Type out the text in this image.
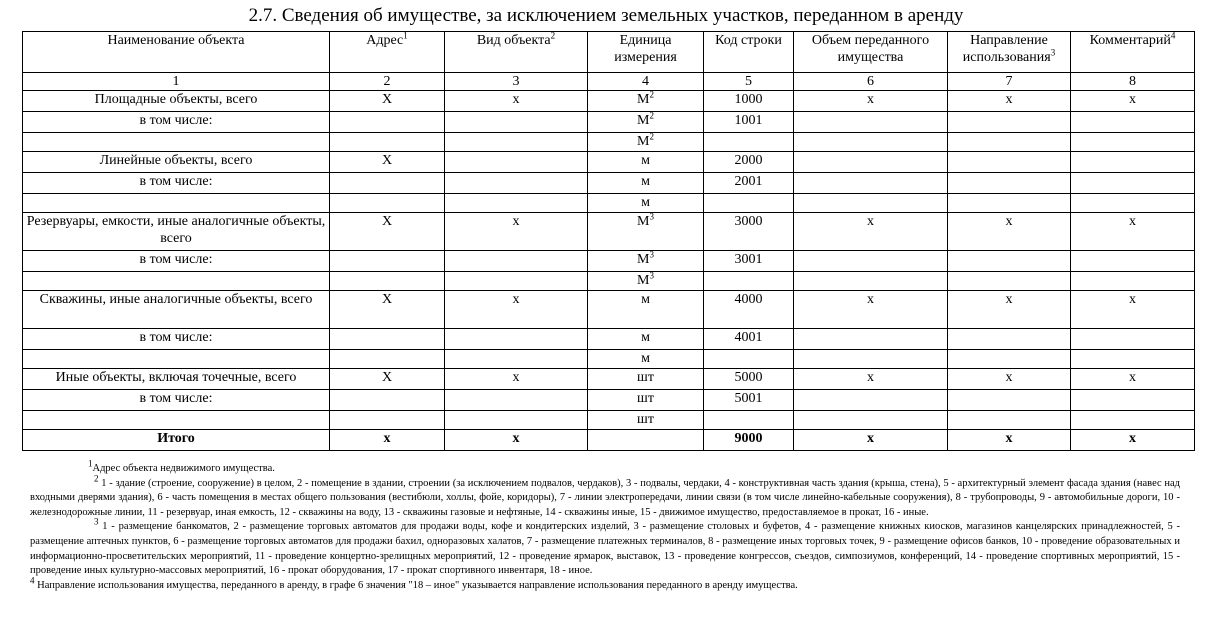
2.7. Сведения об имуществе, за исключением земельных участков, переданном в аренду
Наименование объекта	Адрес$^1$	Вид объекта$^2$	Единица измерения	Код строки	Объем переданного имущества	Направление использования$^3$	Комментарий$^4$
1	2	3	4	5	6	7	8
Площадные объекты, всего	X	x	$М^2$	1000	x	x	x
в том числе:			$М^2$	1001			
			$М^2$				
Линейные объекты, всего	X		м	2000			
в том числе:			м	2001			
			м				
Резервуары, емкости, иные аналогичные объекты, всего	X	x	$М^3$	3000	x	x	x
в том числе:			$М^3$	3001			
			$М^3$				
Скважины, иные аналогичные объекты, всего	X	x	м	4000	x	x	x
в том числе:			м	4001			
			м				
Иные объекты, включая точечные, всего	X	x	шт	5000	x	x	x
в том числе:			шт	5001			
			шт				
Итого	x	x		9000	x	x	x

$^1$Адрес объекта недвижимого имущества.

$^2$ 1 - здание (строение, сооружение) в целом, 2 - помещение в здании, строении (за исключением подвалов, чердаков), 3 - подвалы, чердаки, 4 - конструктивная часть здания (крыша, стена), 5 - архитектурный элемент фасада здания (навес над входными дверями здания), 6 - часть помещения в местах общего пользования (вестибюли, холлы, фойе, коридоры), 7 - линии электропередачи, линии связи (в том числе линейно-кабельные сооружения), 8 - трубопроводы, 9 - автомобильные дороги, 10 - железнодорожные линии, 11 - резервуар, иная емкость, 12 - скважины на воду, 13 - скважины газовые и нефтяные, 14 - скважины иные, 15 - движимое имущество, предоставляемое в прокат, 16 - иные.

$^3$ 1 - размещение банкоматов, 2 - размещение торговых автоматов для продажи воды, кофе и кондитерских изделий, 3 - размещение столовых и буфетов, 4 - размещение книжных киосков, магазинов канцелярских принадлежностей, 5 - размещение аптечных пунктов, 6 - размещение торговых автоматов для продажи бахил, одноразовых халатов, 7 - размещение платежных терминалов, 8 - размещение иных торговых точек, 9 - размещение офисов банков, 10 - проведение образовательных и информационно-просветительских мероприятий, 11 - проведение концертно-зрелищных мероприятий, 12 - проведение ярмарок, выставок, 13 - проведение конгрессов, съездов, симпозиумов, конференций, 14 - проведение спортивных мероприятий, 15 - проведение иных культурно-массовых мероприятий, 16 - прокат оборудования, 17 - прокат спортивного инвентаря, 18 - иное.

$^4$ Направление использования имущества, переданного в аренду, в графе 6 значения "18 – иное" указывается направление использования переданного в аренду имущества.
